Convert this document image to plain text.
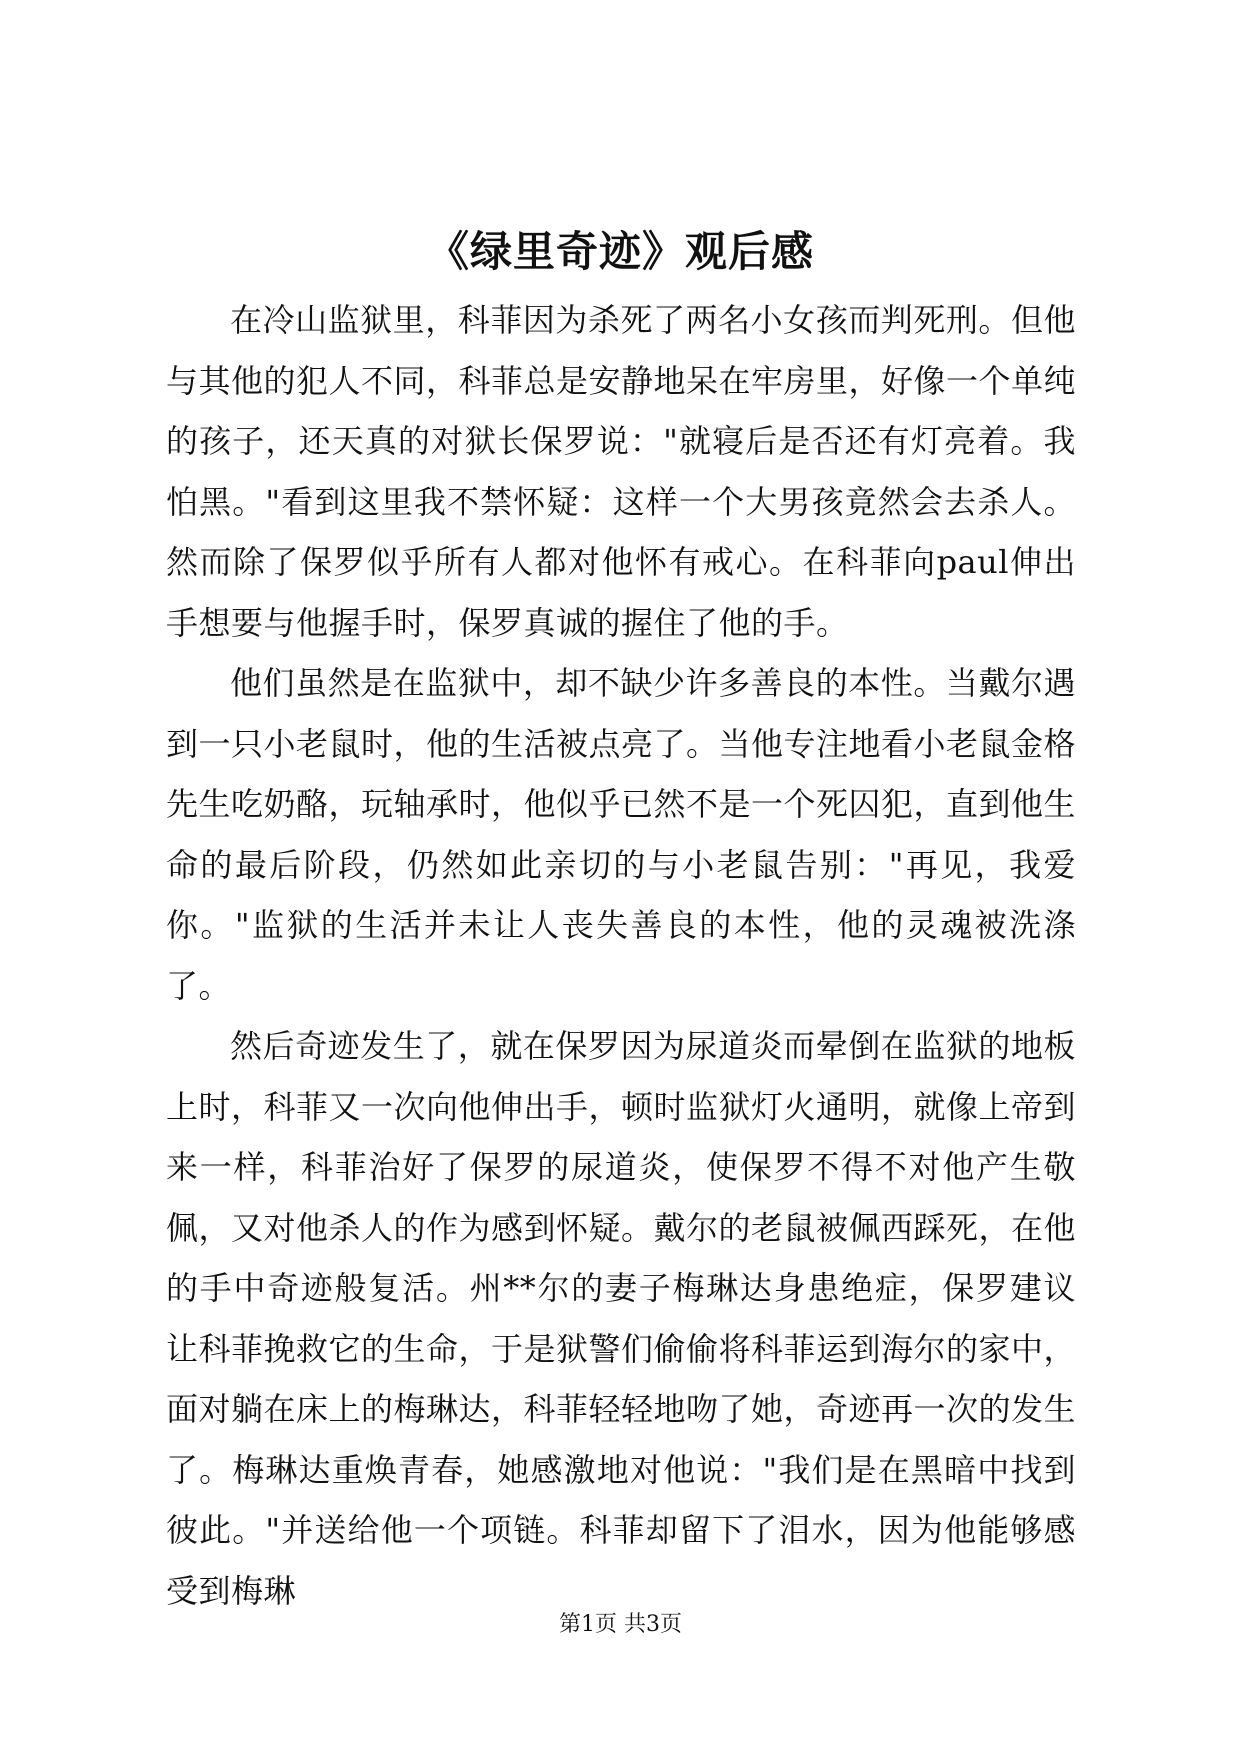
《绿里奇迹》观后感

在冷山监狱里，科菲因为杀死了两名小女孩而判死刑。但他与其他的犯人不同，科菲总是安静地呆在牢房里，好像一个单纯的孩子，还天真的对狱长保罗说："就寝后是否还有灯亮着。我怕黑。"看到这里我不禁怀疑：这样一个大男孩竟然会去杀人。然而除了保罗似乎所有人都对他怀有戒心。在科菲向paul伸出手想要与他握手时，保罗真诚的握住了他的手。

他们虽然是在监狱中，却不缺少许多善良的本性。当戴尔遇到一只小老鼠时，他的生活被点亮了。当他专注地看小老鼠金格先生吃奶酪，玩轴承时，他似乎已然不是一个死囚犯，直到他生命的最后阶段，仍然如此亲切的与小老鼠告别："再见，我爱你。"监狱的生活并未让人丧失善良的本性，他的灵魂被洗涤了。

然后奇迹发生了，就在保罗因为尿道炎而晕倒在监狱的地板上时，科菲又一次向他伸出手，顿时监狱灯火通明，就像上帝到来一样，科菲治好了保罗的尿道炎，使保罗不得不对他产生敬佩，又对他杀人的作为感到怀疑。戴尔的老鼠被佩西踩死，在他的手中奇迹般复活。州**尔的妻子梅琳达身患绝症，保罗建议让科菲挽救它的生命，于是狱警们偷偷将科菲运到海尔的家中，面对躺在床上的梅琳达，科菲轻轻地吻了她，奇迹再一次的发生了。梅琳达重焕青春，她感激地对他说："我们是在黑暗中找到彼此。"并送给他一个项链。科菲却留下了泪水，因为他能够感受到梅琳

第1页 共3页
